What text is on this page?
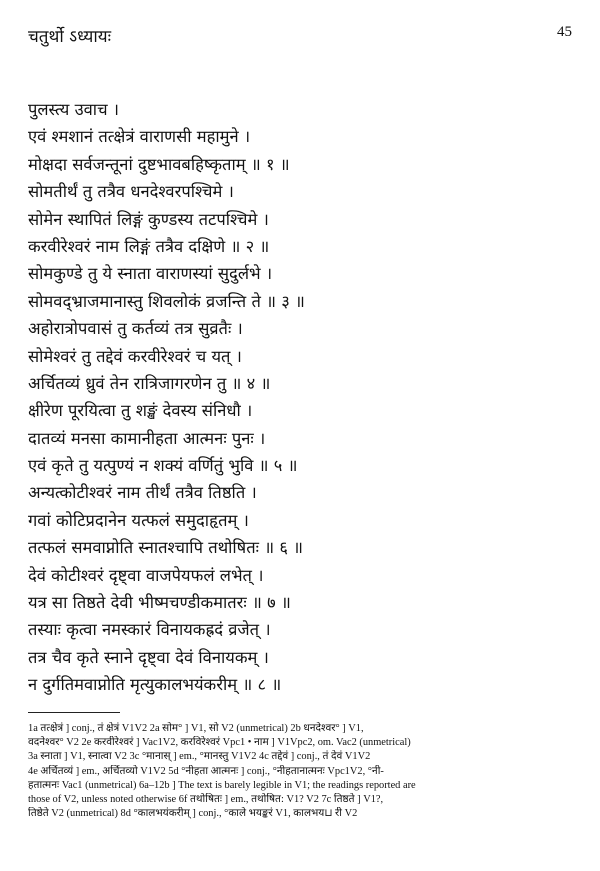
चतुर्थो ऽध्यायः	45
पुलस्त्य उवाच ।
एवं श्मशानं तत्क्षेत्रं वाराणसी महामुने ।
मोक्षदा सर्वजन्तूनां दुष्टभावबहिष्कृताम् ॥ १ ॥
सोमतीर्थं तु तत्रैव धनदेश्वरपश्चिमे ।
सोमेन स्थापितं लिङ्गं कुण्डस्य तटपश्चिमे ।
करवीरेश्वरं नाम लिङ्गं तत्रैव दक्षिणे ॥ २ ॥
सोमकुण्डे तु ये स्नाता वाराणस्यां सुदुर्लभे ।
सोमवद्भ्राजमानास्तु शिवलोकं व्रजन्ति ते ॥ ३ ॥
अहोरात्रोपवासं तु कर्तव्यं तत्र सुव्रतैः ।
सोमेश्वरं तु तद्देवं करवीरेश्वरं च यत् ।
अर्चितव्यं ध्रुवं तेन रात्रिजागरणेन तु ॥ ४ ॥
क्षीरेण पूरयित्वा तु शङ्खं देवस्य संनिधौ ।
दातव्यं मनसा कामानीहता आत्मनः पुनः ।
एवं कृते तु यत्पुण्यं न शक्यं वर्णितुं भुवि ॥ ५ ॥
अन्यत्कोटीश्वरं नाम तीर्थं तत्रैव तिष्ठति ।
गवां कोटिप्रदानेन यत्फलं समुदाहृतम् ।
तत्फलं समवाप्नोति स्नातश्चापि तथोषितः ॥ ६ ॥
देवं कोटीश्वरं दृष्ट्वा वाजपेयफलं लभेत् ।
यत्र सा तिष्ठते देवी भीष्मचण्डीकमातरः ॥ ७ ॥
तस्याः कृत्वा नमस्कारं विनायकह्रदं व्रजेत् ।
तत्र चैव कृते स्नाने दृष्ट्वा देवं विनायकम् ।
न दुर्गतिमवाप्नोति मृत्युकालभयंकरीम् ॥ ८ ॥
1a तत्क्षेत्रं ] conj., तं क्षेत्रं V1V2 2a सोम° ] V1, सो V2 (unmetrical) 2b धनदेश्वर° ] V1,
वदनेश्वर° V2 2e करवीरेश्वरं ] Vac1V2, करविरेश्वरं Vpc1 • नाम ] V1Vpc2, om. Vac2 (unmetrical)
3a स्नाता ] V1, स्नात्वा V2 3c °मानास् ] em., °मानस्तु V1V2 4c तद्देवं ] conj., तं देवं V1V2
4e अर्चितव्यं ] em., अर्चितव्यो V1V2 5d °नीहता आत्मनः ] conj., °नीहतानात्मनः Vpc1V2, °नी-
हतात्मनः Vac1 (unmetrical) 6a–12b ] The text is barely legible in V1; the readings reported are
those of V2, unless noted otherwise 6f तथोषितः ] em., तथोषित: V1? V2 7c तिष्ठते ] V1?,
तिष्ठेते V2 (unmetrical) 8d °कालभयंकरीम् ] conj., °काले भयङ्करं V1, कालभय⊔ री V2
